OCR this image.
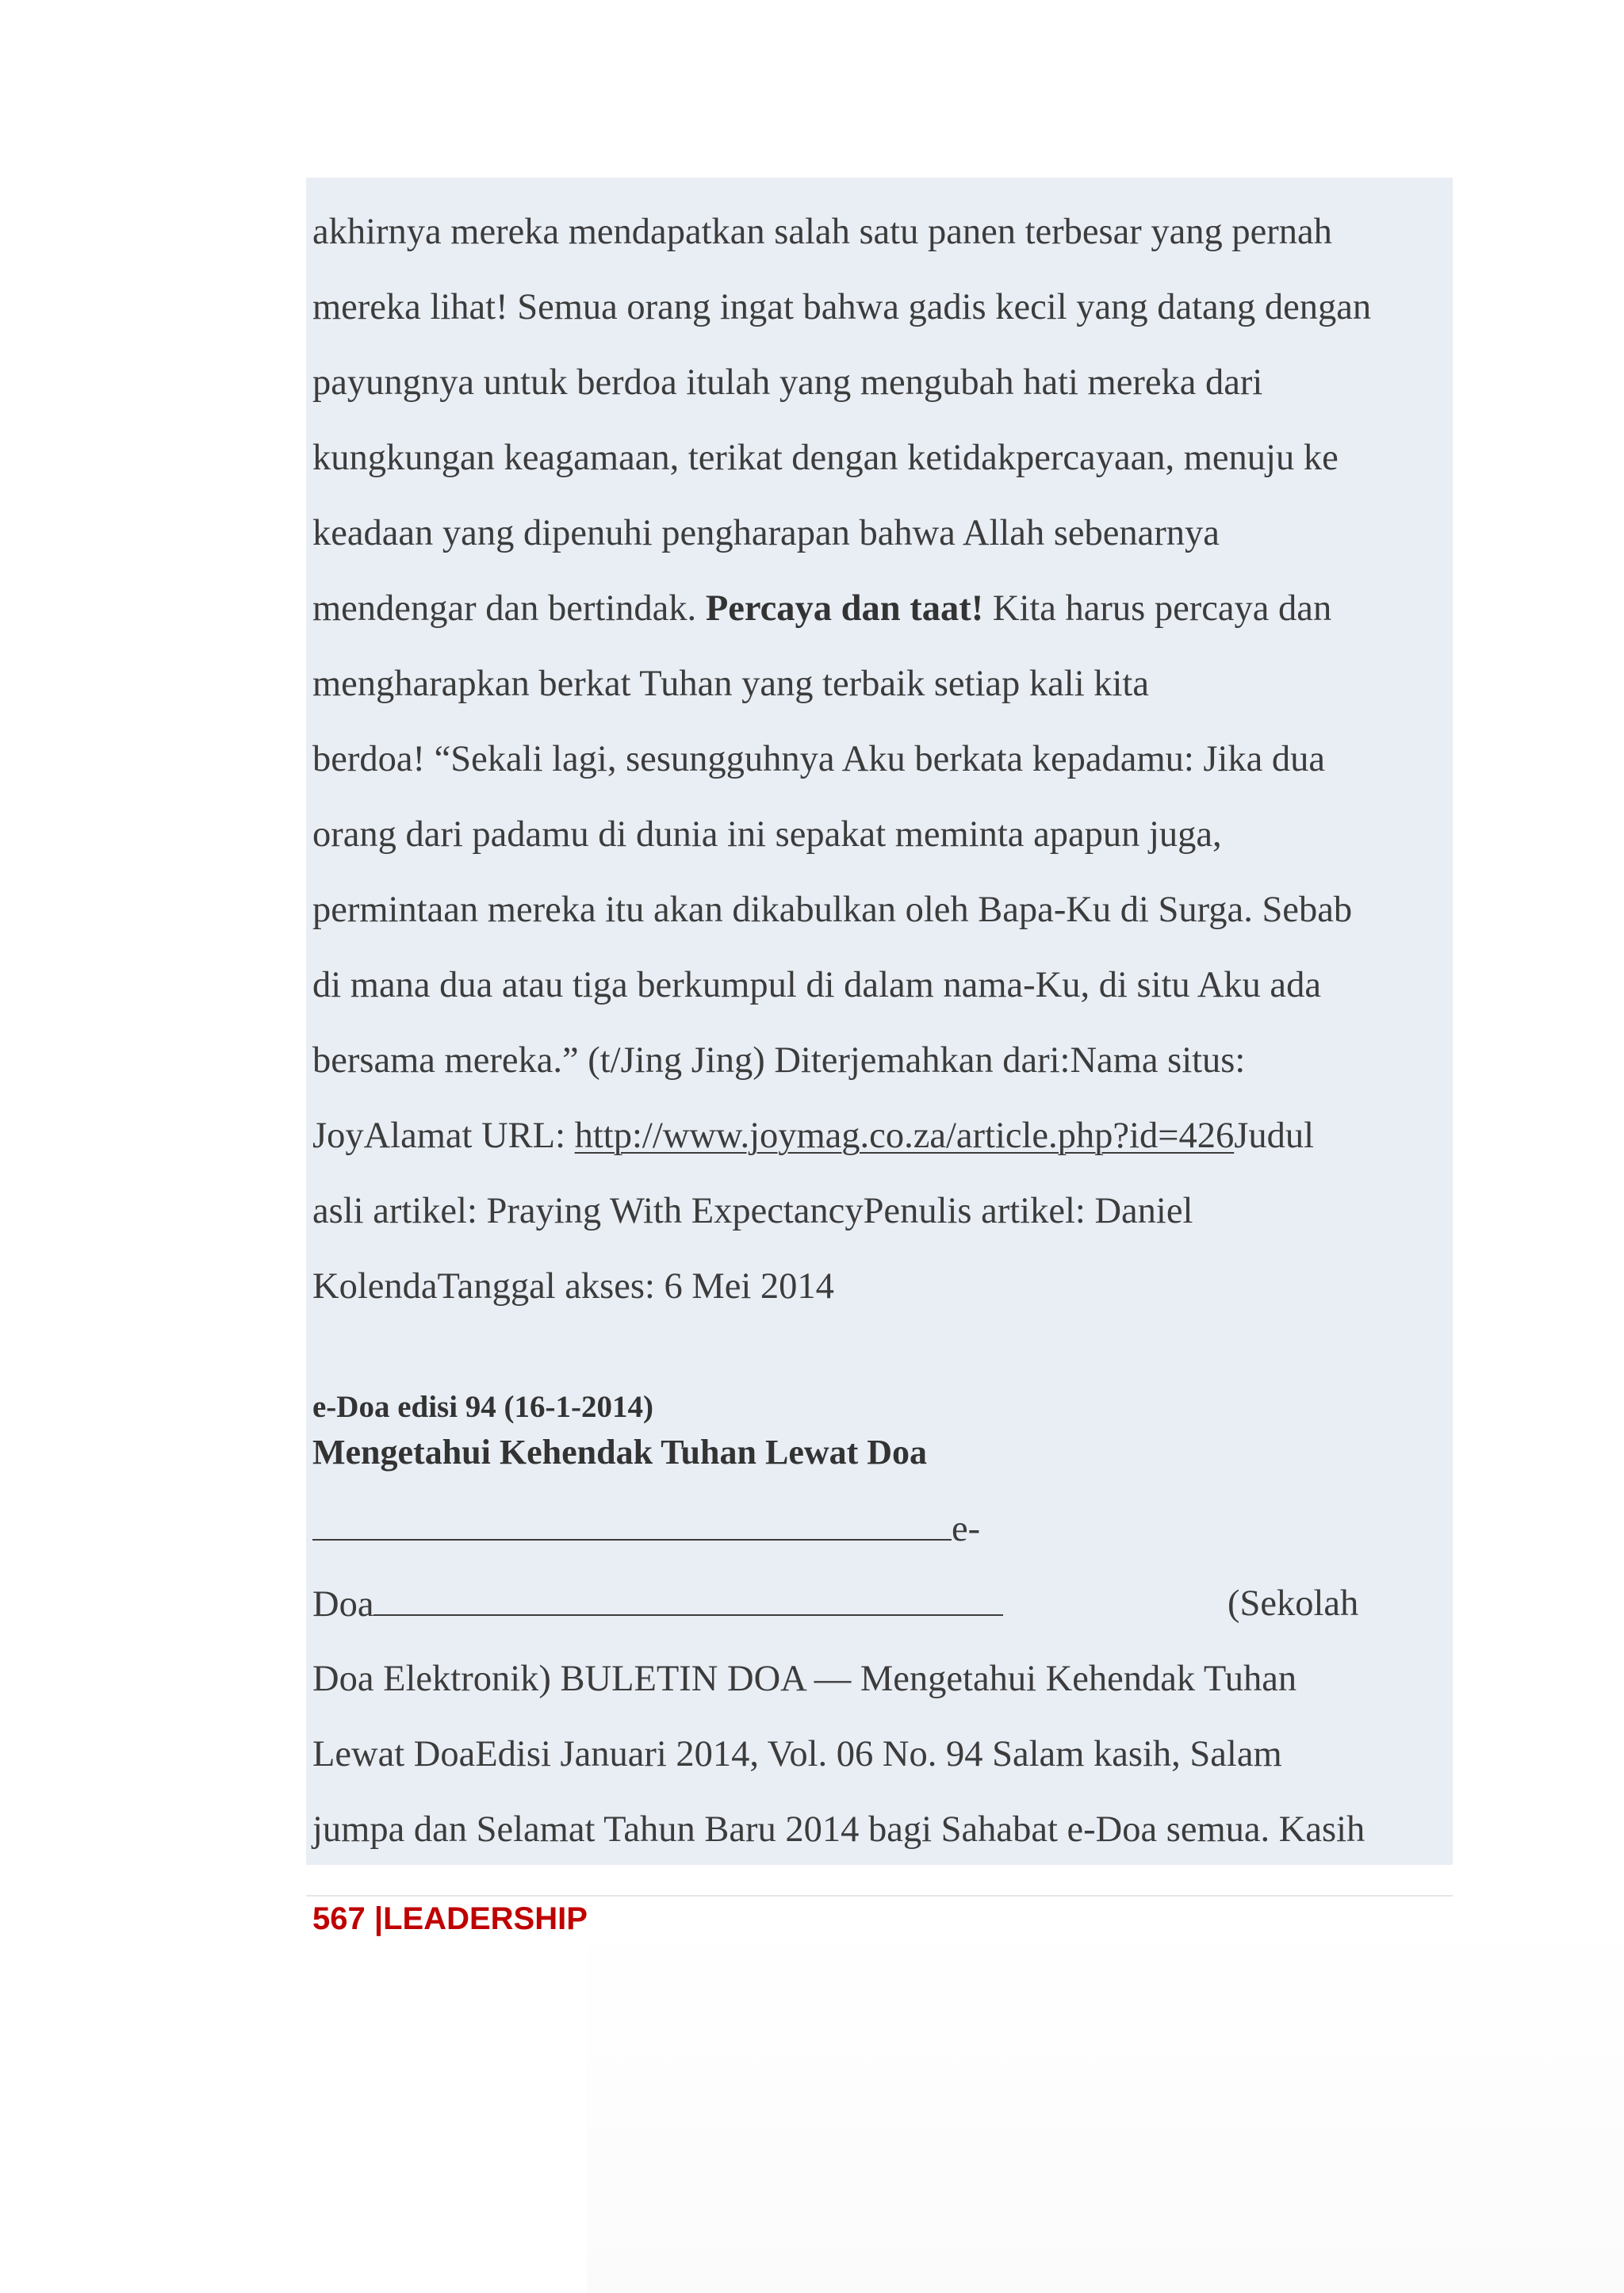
akhirnya mereka mendapatkan salah satu panen terbesar yang pernah
mereka lihat! Semua orang ingat bahwa gadis kecil yang datang dengan
payungnya untuk berdoa itulah yang mengubah hati mereka dari
kungkungan keagamaan, terikat dengan ketidakpercayaan, menuju ke
keadaan yang dipenuhi pengharapan bahwa Allah sebenarnya
mendengar dan bertindak. Percaya dan taat! Kita harus percaya dan
mengharapkan berkat Tuhan yang terbaik setiap kali kita
berdoa! “Sekali lagi, sesungguhnya Aku berkata kepadamu: Jika dua
orang dari padamu di dunia ini sepakat meminta apapun juga,
permintaan mereka itu akan dikabulkan oleh Bapa-Ku di Surga. Sebab
di mana dua atau tiga berkumpul di dalam nama-Ku, di situ Aku ada
bersama mereka.” (t/Jing Jing) Diterjemahkan dari:Nama situs:
JoyAlamat URL: http://www.joymag.co.za/article.php?id=426Judul
asli artikel: Praying With ExpectancyPenulis artikel: Daniel
KolendaTanggal akses: 6 Mei 2014
e-Doa edisi 94 (16-1-2014)
Mengetahui Kehendak Tuhan Lewat Doa
e-
Doa	(Sekolah
Doa Elektronik) BULETIN DOA — Mengetahui Kehendak Tuhan
Lewat DoaEdisi Januari 2014, Vol. 06 No. 94 Salam kasih, Salam
jumpa dan Selamat Tahun Baru 2014 bagi Sahabat e-Doa semua. Kasih
567 |LEADERSHIP
